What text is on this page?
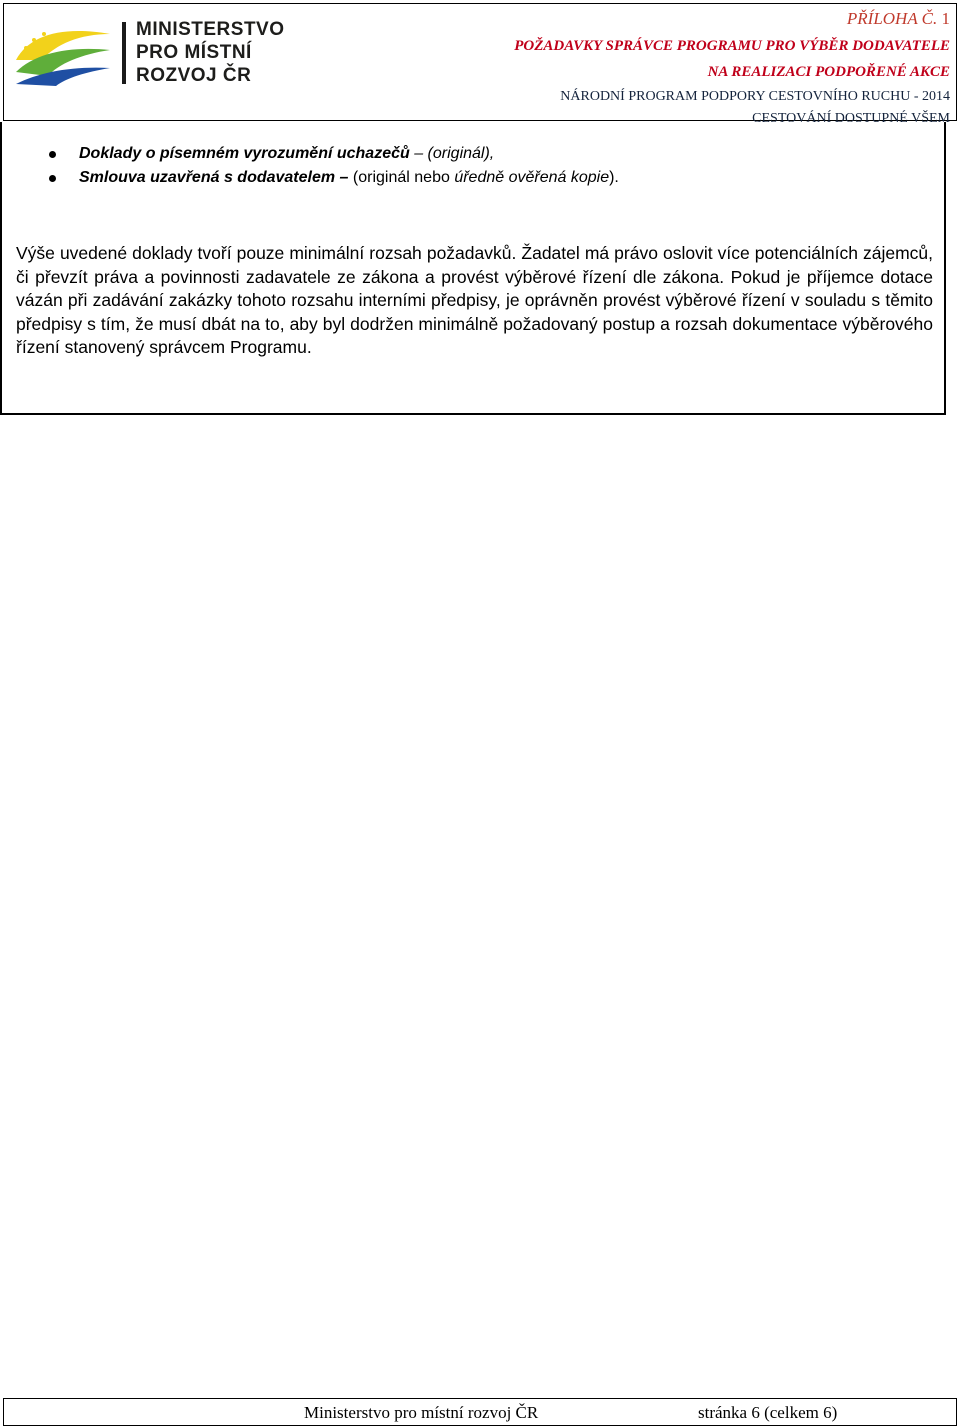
MINISTERSTVO
PRO MÍSTNÍ
ROZVOJ ČR
PŘÍLOHA Č. 1
POŽADAVKY SPRÁVCE PROGRAMU PRO VÝBĚR DODAVATELE
NA REALIZACI PODPOŘENÉ AKCE
NÁRODNÍ PROGRAM PODPORY CESTOVNÍHO RUCHU - 2014
CESTOVÁNÍ DOSTUPNÉ VŠEM
Doklady o písemném vyrozumění uchazečů – (originál),
Smlouva uzavřená s dodavatelem – (originál nebo úředně ověřená kopie).

Výše uvedené doklady tvoří pouze minimální rozsah požadavků. Žadatel má právo oslovit více potenciálních zájemců, či převzít práva a povinnosti zadavatele ze zákona a provést výběrové řízení dle zákona. Pokud je příjemce dotace vázán při zadávání zakázky tohoto rozsahu interními předpisy, je oprávněn provést výběrové řízení v souladu s těmito předpisy s tím, že musí dbát na to, aby byl dodržen minimálně požadovaný postup a rozsah dokumentace výběrového řízení stanovený správcem Programu.

Ministerstvo pro místní rozvoj ČR	stránka 6 (celkem 6)
